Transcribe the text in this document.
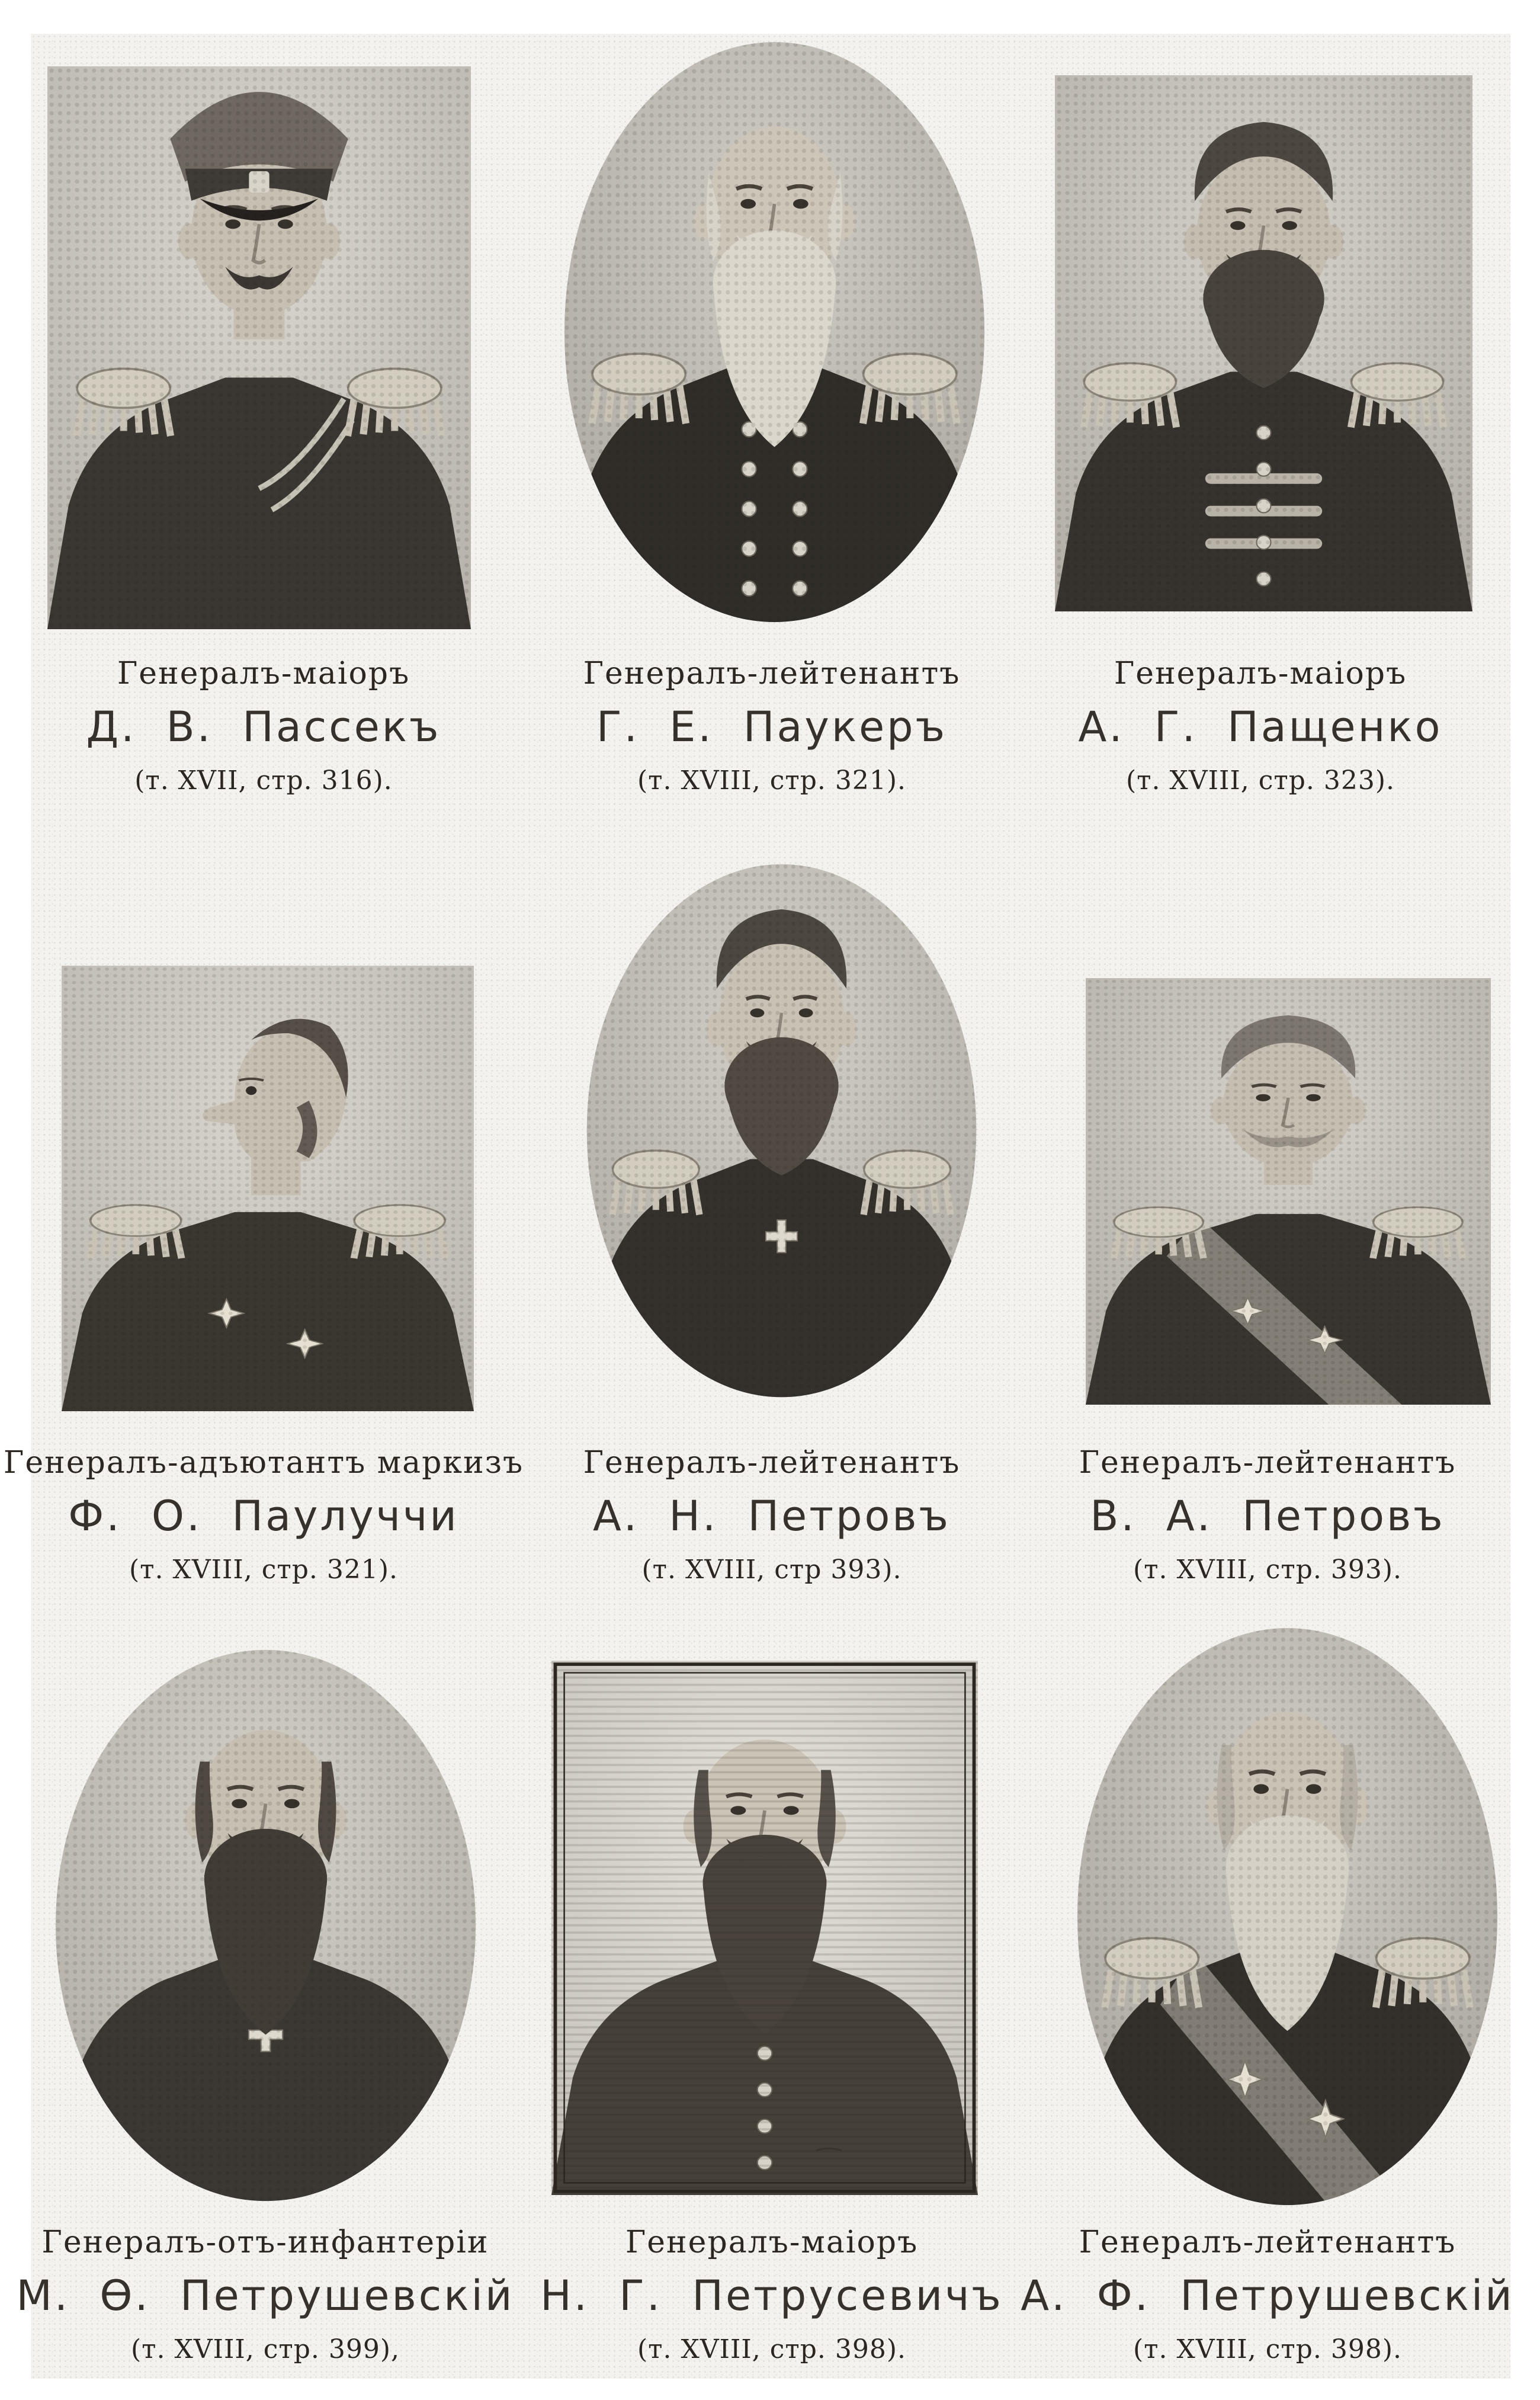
Генералъ-маіоръ
Д. В. Пассекъ
(т. XVII, стр. 316).
Генералъ-лейтенантъ
Г. Е. Паукеръ
(т. XVIII, стр. 321).
Генералъ-маіоръ
А. Г. Пащенко
(т. XVIII, стр. 323).
Генералъ-адъютантъ маркизъ
Ф. О. Паулуччи
(т. XVIII, стр. 321).
Генералъ-лейтенантъ
А. Н. Петровъ
(т. XVIII, стр 393).
Генералъ-лейтенантъ
В. А. Петровъ
(т. XVIII, стр. 393).
Генералъ-отъ-инфантеріи
М. Ѳ. Петрушевскій
(т. XVIII, стр. 399),
Генералъ-маіоръ
Н. Г. Петрусевичъ
(т. XVIII, стр. 398).
Генералъ-лейтенантъ
А. Ф. Петрушевскій
(т. XVIII, стр. 398).
